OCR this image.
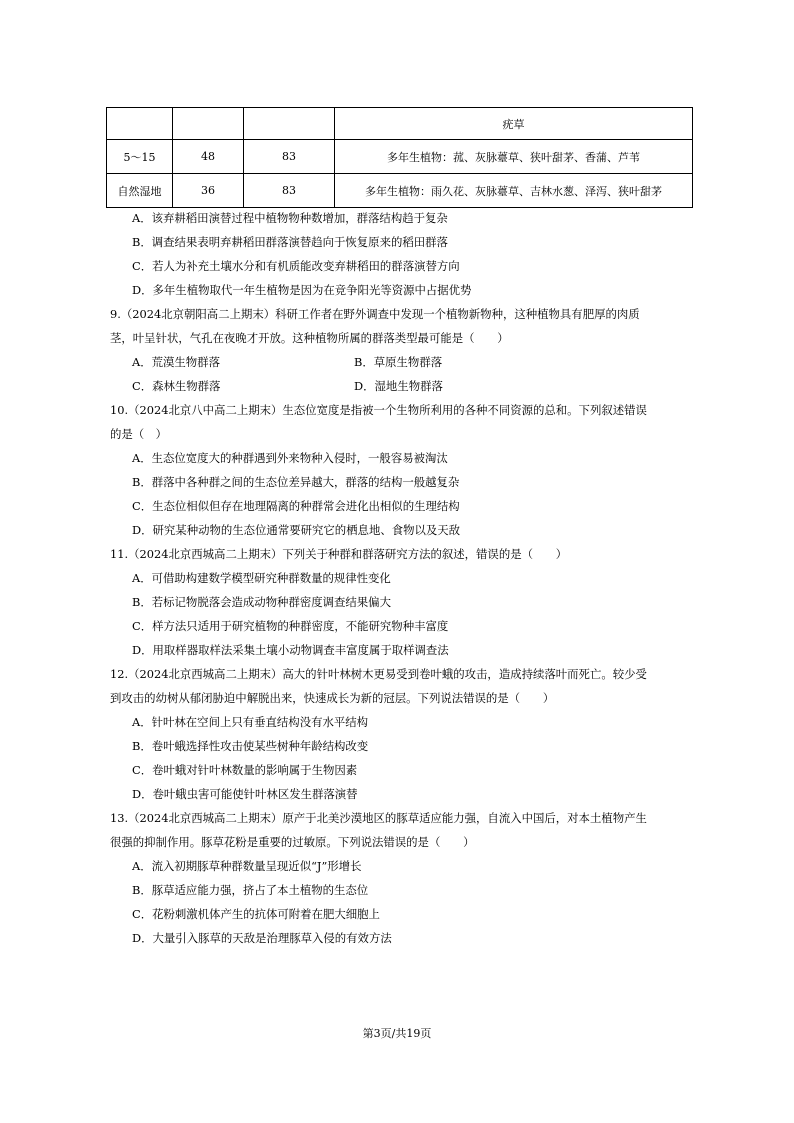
			疣草
5～15	48	83	多年生植物：菰、灰脉薹草、狭叶甜茅、香蒲、芦苇
自然湿地	36	83	多年生植物：雨久花、灰脉薹草、吉林水葱、泽泻、狭叶甜茅
A．该弃耕稻田演替过程中植物物种数增加，群落结构趋于复杂
B．调查结果表明弃耕稻田群落演替趋向于恢复原来的稻田群落
C．若人为补充土壤水分和有机质能改变弃耕稻田的群落演替方向
D．多年生植物取代一年生植物是因为在竞争阳光等资源中占据优势
9.（2024北京朝阳高二上期末）科研工作者在野外调查中发现一个植物新物种，这种植物具有肥厚的肉质
茎，叶呈针状，气孔在夜晚才开放。这种植物所属的群落类型最可能是（　　）
A．荒漠生物群落	B．草原生物群落
C．森林生物群落	D．湿地生物群落
10.（2024北京八中高二上期末）生态位宽度是指被一个生物所利用的各种不同资源的总和。下列叙述错误
的是（　）
A．生态位宽度大的种群遇到外来物种入侵时，一般容易被淘汰
B．群落中各种群之间的生态位差异越大，群落的结构一般越复杂
C．生态位相似但存在地理隔离的种群常会进化出相似的生理结构
D．研究某种动物的生态位通常要研究它的栖息地、食物以及天敌
11.（2024北京西城高二上期末）下列关于种群和群落研究方法的叙述，错误的是（　　）
A．可借助构建数学模型研究种群数量的规律性变化
B．若标记物脱落会造成动物种群密度调查结果偏大
C．样方法只适用于研究植物的种群密度，不能研究物种丰富度
D．用取样器取样法采集土壤小动物调查丰富度属于取样调查法
12.（2024北京西城高二上期末）高大的针叶林树木更易受到卷叶蛾的攻击，造成持续落叶而死亡。较少受
到攻击的幼树从郁闭胁迫中解脱出来，快速成长为新的冠层。下列说法错误的是（　　）
A．针叶林在空间上只有垂直结构没有水平结构
B．卷叶蛾选择性攻击使某些树种年龄结构改变
C．卷叶蛾对针叶林数量的影响属于生物因素
D．卷叶蛾虫害可能使针叶林区发生群落演替
13.（2024北京西城高二上期末）原产于北美沙漠地区的豚草适应能力强，自流入中国后，对本土植物产生
很强的抑制作用。豚草花粉是重要的过敏原。下列说法错误的是（　　）
A．流入初期豚草种群数量呈现近似“J”形增长
B．豚草适应能力强，挤占了本土植物的生态位
C．花粉刺激机体产生的抗体可附着在肥大细胞上
D．大量引入豚草的天敌是治理豚草入侵的有效方法
第3页/共19页
